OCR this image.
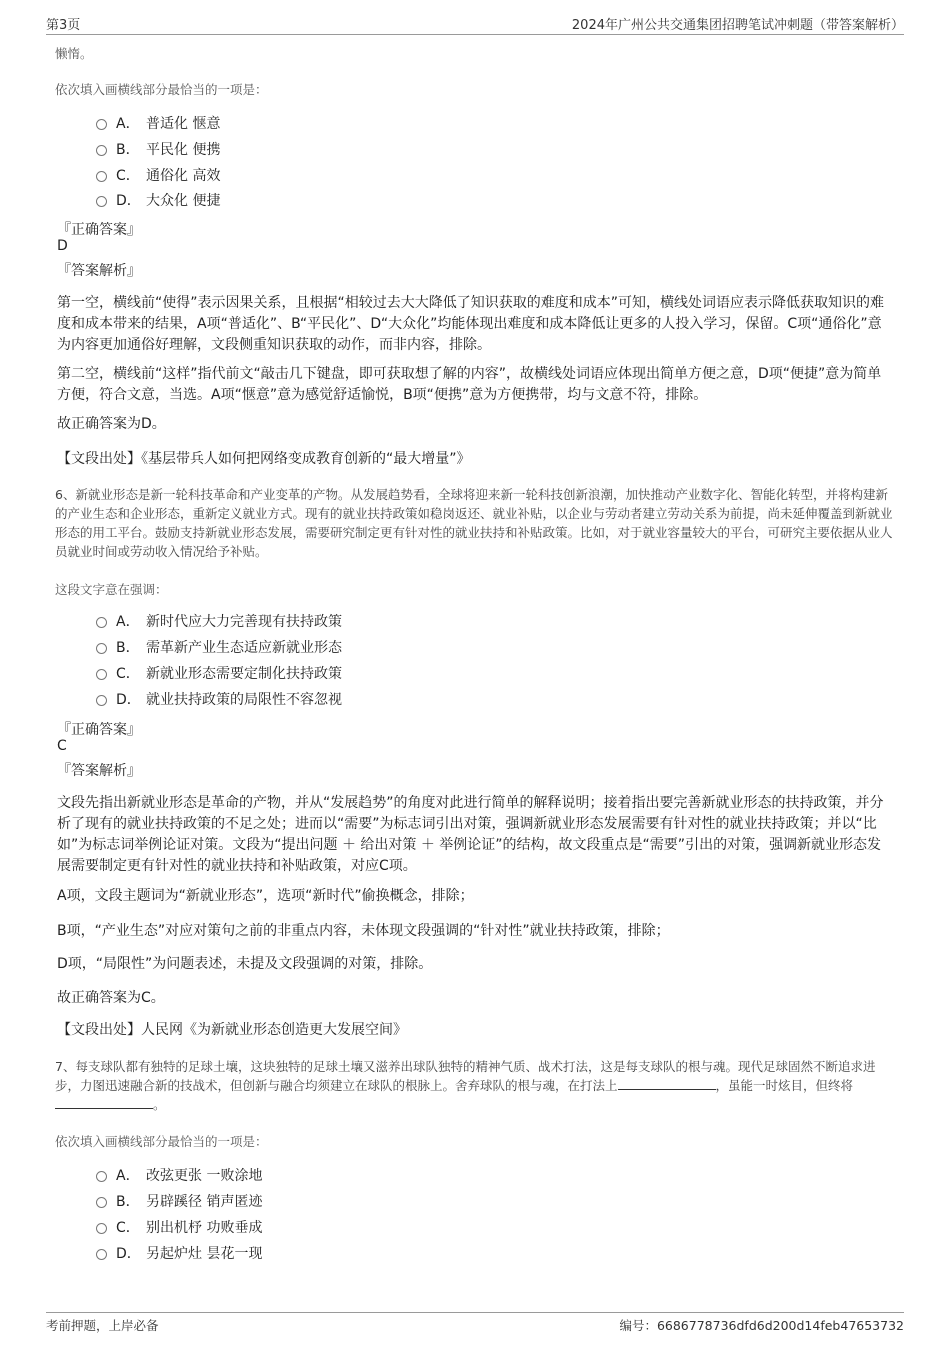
第3页	2024年广州公共交通集团招聘笔试冲刺题（带答案解析）
懒惰。
依次填入画横线部分最恰当的一项是：
A． 普适化 惬意
B． 平民化 便携
C． 通俗化 高效
D． 大众化 便捷
『正确答案』
D
『答案解析』
第一空，横线前“使得”表示因果关系，且根据“相较过去大大降低了知识获取的难度和成本”可知，横线处词语应表示降低获取知识的难度和成本带来的结果，A项“普适化”、B“平民化”、D“大众化”均能体现出难度和成本降低让更多的人投入学习，保留。C项“通俗化”意为内容更加通俗好理解，文段侧重知识获取的动作，而非内容，排除。
第二空，横线前“这样”指代前文“敲击几下键盘，即可获取想了解的内容”，故横线处词语应体现出简单方便之意，D项“便捷”意为简单方便，符合文意，当选。A项“惬意”意为感觉舒适愉悦，B项“便携”意为方便携带，均与文意不符，排除。
故正确答案为D。
【文段出处】《基层带兵人如何把网络变成教育创新的“最大增量”》
6、新就业形态是新一轮科技革命和产业变革的产物。从发展趋势看，全球将迎来新一轮科技创新浪潮，加快推动产业数字化、智能化转型，并将构建新的产业生态和企业形态，重新定义就业方式。现有的就业扶持政策如稳岗返还、就业补贴，以企业与劳动者建立劳动关系为前提，尚未延伸覆盖到新就业形态的用工平台。鼓励支持新就业形态发展，需要研究制定更有针对性的就业扶持和补贴政策。比如，对于就业容量较大的平台，可研究主要依据从业人员就业时间或劳动收入情况给予补贴。
这段文字意在强调：
A． 新时代应大力完善现有扶持政策
B． 需革新产业生态适应新就业形态
C． 新就业形态需要定制化扶持政策
D． 就业扶持政策的局限性不容忽视
『正确答案』
C
『答案解析』
文段先指出新就业形态是革命的产物，并从“发展趋势”的角度对此进行简单的解释说明；接着指出要完善新就业形态的扶持政策，并分析了现有的就业扶持政策的不足之处；进而以“需要”为标志词引出对策，强调新就业形态发展需要有针对性的就业扶持政策；并以“比如”为标志词举例论证对策。文段为“提出问题 ＋ 给出对策 ＋ 举例论证”的结构，故文段重点是“需要”引出的对策，强调新就业形态发展需要制定更有针对性的就业扶持和补贴政策，对应C项。
A项，文段主题词为“新就业形态”，选项“新时代”偷换概念，排除；
B项，“产业生态”对应对策句之前的非重点内容，未体现文段强调的“针对性”就业扶持政策，排除；
D项，“局限性”为问题表述，未提及文段强调的对策，排除。
故正确答案为C。
【文段出处】人民网《为新就业形态创造更大发展空间》
7、每支球队都有独特的足球土壤，这块独特的足球土壤又滋养出球队独特的精神气质、战术打法，这是每支球队的根与魂。现代足球固然不断追求进步，力图迅速融合新的技战术，但创新与融合均须建立在球队的根脉上。舍弃球队的根与魂，在打法上	，虽能一时炫目，但终将。
依次填入画横线部分最恰当的一项是：
A． 改弦更张 一败涂地
B． 另辟蹊径 销声匿迹
C． 别出机杼 功败垂成
D． 另起炉灶 昙花一现
考前押题，上岸必备	编号：6686778736dfd6d200d14feb47653732
